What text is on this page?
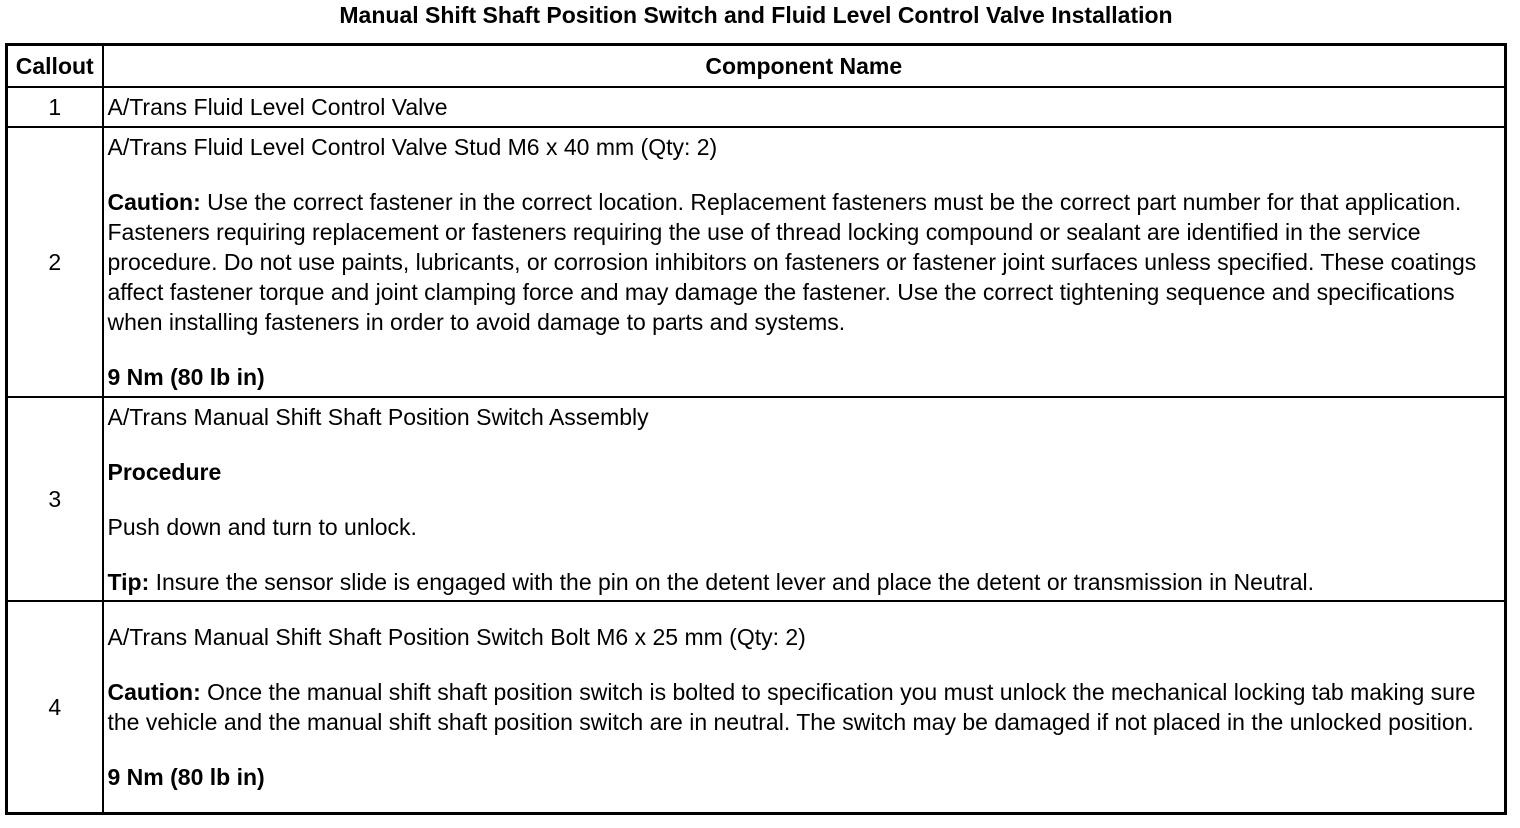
Manual Shift Shaft Position Switch and Fluid Level Control Valve Installation
Callout	Component Name
1	A/Trans Fluid Level Control Valve

2	A/Trans Fluid Level Control Valve Stud M6 x 40 mm (Qty: 2)

Caution: Use the correct fastener in the correct location. Replacement fasteners must be the correct part number for that application. Fasteners requiring replacement or fasteners requiring the use of thread locking compound or sealant are identified in the service procedure. Do not use paints, lubricants, or corrosion inhibitors on fasteners or fastener joint surfaces unless specified. These coatings affect fastener torque and joint clamping force and may damage the fastener. Use the correct tightening sequence and specifications when installing fasteners in order to avoid damage to parts and systems.

9 Nm (80 lb in)

3	A/Trans Manual Shift Shaft Position Switch Assembly

Procedure

Push down and turn to unlock.

Tip: Insure the sensor slide is engaged with the pin on the detent lever and place the detent or transmission in Neutral.

4	A/Trans Manual Shift Shaft Position Switch Bolt M6 x 25 mm (Qty: 2)

Caution: Once the manual shift shaft position switch is bolted to specification you must unlock the mechanical locking tab making sure the vehicle and the manual shift shaft position switch are in neutral. The switch may be damaged if not placed in the unlocked position.

9 Nm (80 lb in)
